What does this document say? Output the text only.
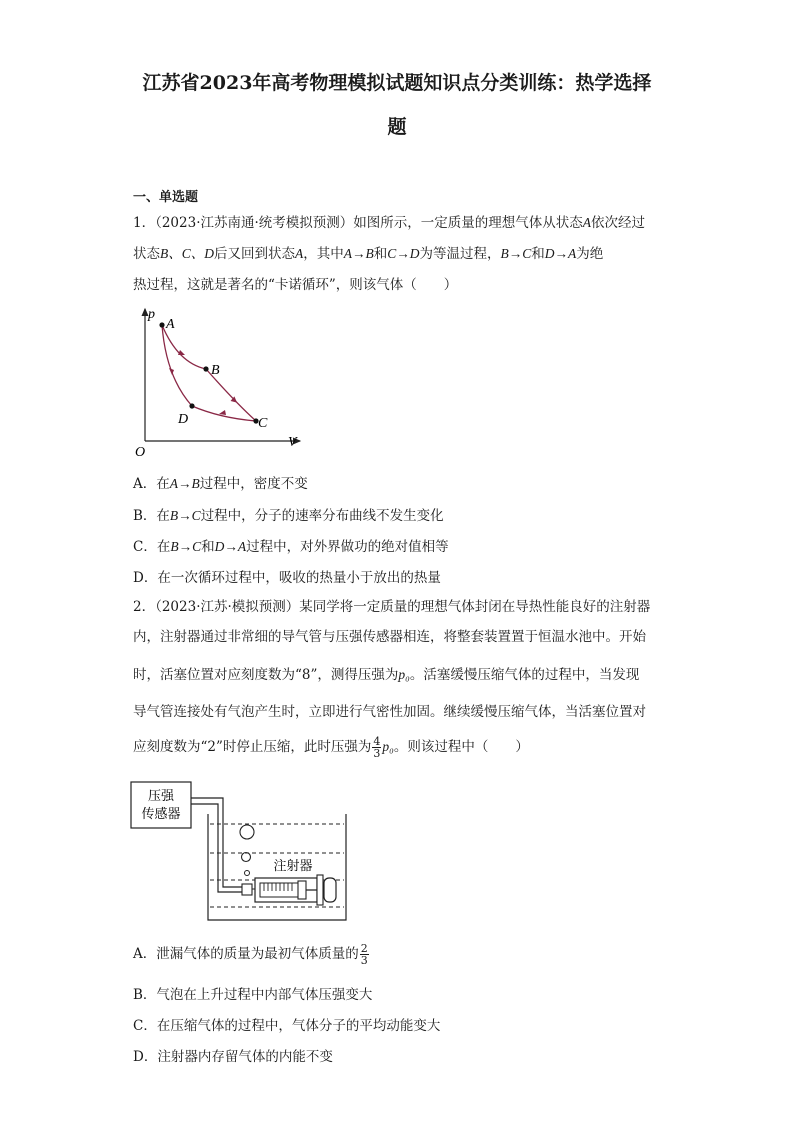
江苏省2023年高考物理模拟试题知识点分类训练：热学选择
题
一、单选题
1．（2023·江苏南通·统考模拟预测）如图所示，一定质量的理想气体从状态A依次经过
状态B、C、D后又回到状态A，其中A→B和C→D为等温过程，B→C和D→A为绝
热过程，这就是著名的“卡诺循环”，则该气体（　　）
p
V
O
A
B
C
D
A．在A→B过程中，密度不变
B．在B→C过程中，分子的速率分布曲线不发生变化
C．在B→C和D→A过程中，对外界做功的绝对值相等
D．在一次循环过程中，吸收的热量小于放出的热量
2．（2023·江苏·模拟预测）某同学将一定质量的理想气体封闭在导热性能良好的注射器
内，注射器通过非常细的导气管与压强传感器相连，将整套装置置于恒温水池中。开始
时，活塞位置对应刻度数为“8”，测得压强为p₀。活塞缓慢压缩气体的过程中，当发现
导气管连接处有气泡产生时，立即进行气密性加固。继续缓慢压缩气体，当活塞位置对
应刻度数为“2”时停止压缩，此时压强为 $\frac{4}{3} p_0$。则该过程中（　　）
压强
传感器
注射器
A．泄漏气体的质量为最初气体质量的 $\frac{2}{3}$
B．气泡在上升过程中内部气体压强变大
C．在压缩气体的过程中，气体分子的平均动能变大
D．注射器内存留气体的内能不变
